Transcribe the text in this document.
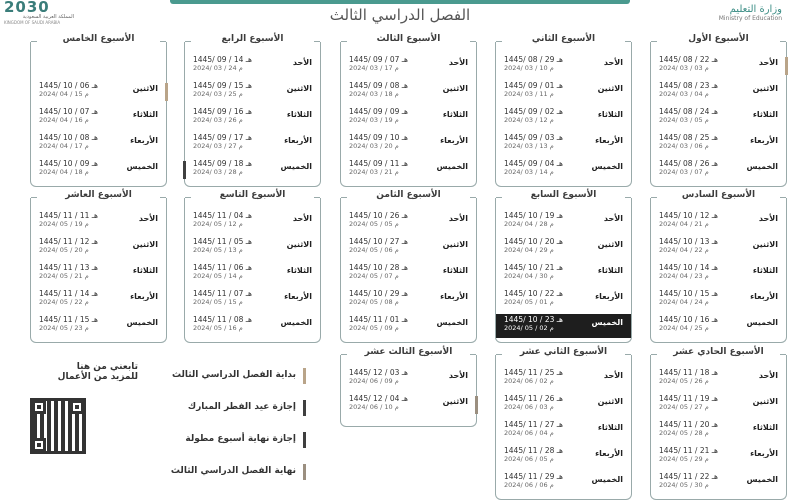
الفصل الدراسي الثالث	وزارة التعليم
Ministry of Education
2030
المملكة العربية السعودية
KINGDOM OF SAUDI ARABIA
الأسبوع الأول
1445/ 08 / 22 هـ
2024/ 03 / 03 م
الأحد
1445/ 08 / 23 هـ
2024/ 03 / 04 م
الاثنين
1445/ 08 / 24 هـ
2024/ 03 / 05 م
الثلاثاء
1445/ 08 / 25 هـ
2024/ 03 / 06 م
الأربعاء
1445/ 08 / 26 هـ
2024/ 03 / 07 م
الخميس
الأسبوع الثاني
1445/ 08 / 29 هـ
2024/ 03 / 10 م
الأحد
1445/ 09 / 01 هـ
2024/ 03 / 11 م
الاثنين
1445/ 09 / 02 هـ
2024/ 03 / 12 م
الثلاثاء
1445/ 09 / 03 هـ
2024/ 03 / 13 م
الأربعاء
1445/ 09 / 04 هـ
2024/ 03 / 14 م
الخميس
الأسبوع الثالث
1445/ 09 / 07 هـ
2024/ 03 / 17 م
الأحد
1445/ 09 / 08 هـ
2024/ 03 / 18 م
الاثنين
1445/ 09 / 09 هـ
2024/ 03 / 19 م
الثلاثاء
1445/ 09 / 10 هـ
2024/ 03 / 20 م
الأربعاء
1445/ 09 / 11 هـ
2024/ 03 / 21 م
الخميس
الأسبوع الرابع
1445/ 09 / 14 هـ
2024/ 03 / 24 م
الأحد
1445/ 09 / 15 هـ
2024/ 03 / 25 م
الاثنين
1445/ 09 / 16 هـ
2024/ 03 / 26 م
الثلاثاء
1445/ 09 / 17 هـ
2024/ 03 / 27 م
الأربعاء
1445/ 09 / 18 هـ
2024/ 03 / 28 م
الخميس
الأسبوع الخامس
1445/ 10 / 06 هـ
2024/ 04 / 15 م
الاثنين
1445/ 10 / 07 هـ
2024/ 04 / 16 م
الثلاثاء
1445/ 10 / 08 هـ
2024/ 04 / 17 م
الأربعاء
1445/ 10 / 09 هـ
2024/ 04 / 18 م
الخميس
الأسبوع السادس
1445/ 10 / 12 هـ
2024/ 04 / 21 م
الأحد
1445/ 10 / 13 هـ
2024/ 04 / 22 م
الاثنين
1445/ 10 / 14 هـ
2024/ 04 / 23 م
الثلاثاء
1445/ 10 / 15 هـ
2024/ 04 / 24 م
الأربعاء
1445/ 10 / 16 هـ
2024/ 04 / 25 م
الخميس
الأسبوع السابع
1445/ 10 / 19 هـ
2024/ 04 / 28 م
الأحد
1445/ 10 / 20 هـ
2024/ 04 / 29 م
الاثنين
1445/ 10 / 21 هـ
2024/ 04 / 30 م
الثلاثاء
1445/ 10 / 22 هـ
2024/ 05 / 01 م
الأربعاء
1445/ 10 / 23 هـ
2024/ 05 / 02 م
الخميس
الأسبوع الثامن
1445/ 10 / 26 هـ
2024/ 05 / 05 م
الأحد
1445/ 10 / 27 هـ
2024/ 05 / 06 م
الاثنين
1445/ 10 / 28 هـ
2024/ 05 / 07 م
الثلاثاء
1445/ 10 / 29 هـ
2024/ 05 / 08 م
الأربعاء
1445/ 11 / 01 هـ
2024/ 05 / 09 م
الخميس
الأسبوع التاسع
1445/ 11 / 04 هـ
2024/ 05 / 12 م
الأحد
1445/ 11 / 05 هـ
2024/ 05 / 13 م
الاثنين
1445/ 11 / 06 هـ
2024/ 05 / 14 م
الثلاثاء
1445/ 11 / 07 هـ
2024/ 05 / 15 م
الأربعاء
1445/ 11 / 08 هـ
2024/ 05 / 16 م
الخميس
الأسبوع العاشر
1445/ 11 / 11 هـ
2024/ 05 / 19 م
الأحد
1445/ 11 / 12 هـ
2024/ 05 / 20 م
الاثنين
1445/ 11 / 13 هـ
2024/ 05 / 21 م
الثلاثاء
1445/ 11 / 14 هـ
2024/ 05 / 22 م
الأربعاء
1445/ 11 / 15 هـ
2024/ 05 / 23 م
الخميس
الأسبوع الحادي عشر
1445/ 11 / 18 هـ
2024/ 05 / 26 م
الأحد
1445/ 11 / 19 هـ
2024/ 05 / 27 م
الاثنين
1445/ 11 / 20 هـ
2024/ 05 / 28 م
الثلاثاء
1445/ 11 / 21 هـ
2024/ 05 / 29 م
الأربعاء
1445/ 11 / 22 هـ
2024/ 05 / 30 م
الخميس
الأسبوع الثاني عشر
1445/ 11 / 25 هـ
2024/ 06 / 02 م
الأحد
1445/ 11 / 26 هـ
2024/ 06 / 03 م
الاثنين
1445/ 11 / 27 هـ
2024/ 06 / 04 م
الثلاثاء
1445/ 11 / 28 هـ
2024/ 06 / 05 م
الأربعاء
1445/ 11 / 29 هـ
2024/ 06 / 06 م
الخميس
الأسبوع الثالث عشر
1445/ 12 / 03 هـ
2024/ 06 / 09 م
الأحد
1445/ 12 / 04 هـ
2024/ 06 / 10 م
الاثنين
بداية الفصل الدراسي الثالث
إجازة عيد الفطر المبارك
إجازة نهاية أسبوع مطولة
نهاية الفصل الدراسي الثالث
تابعني من هنا
للمزيد من الأعمال
